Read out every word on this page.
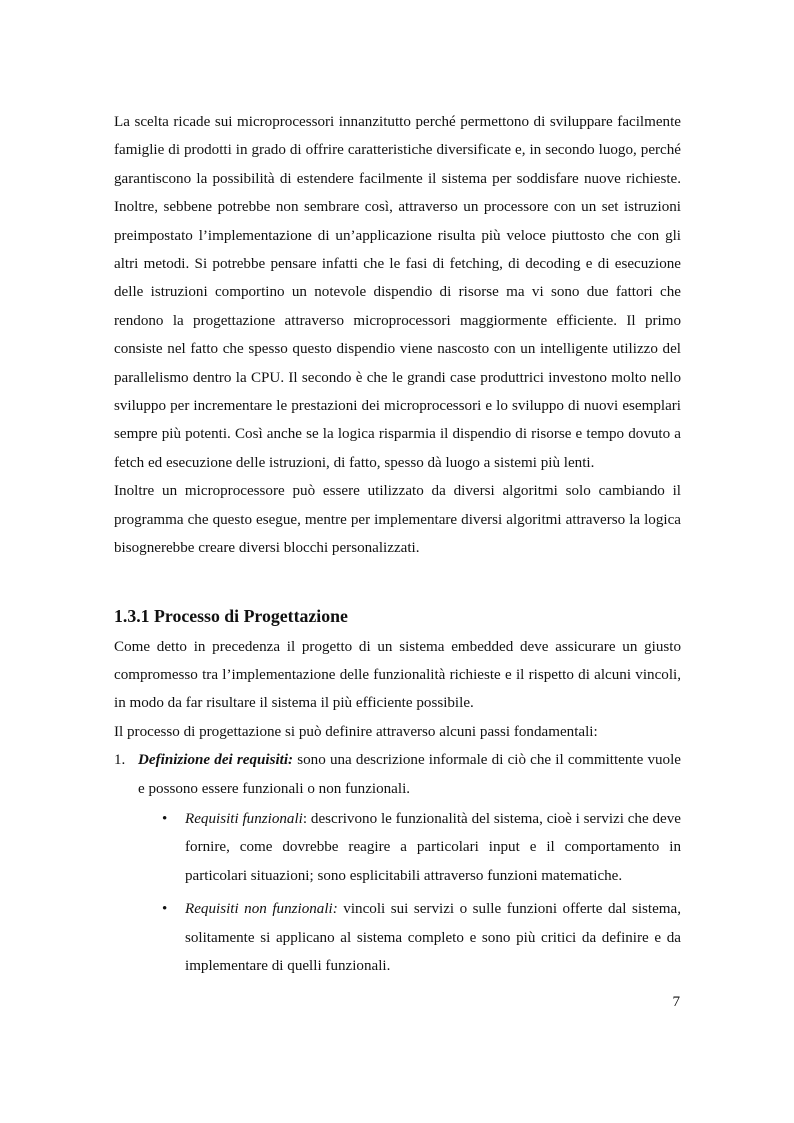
La scelta ricade sui microprocessori innanzitutto perché permettono di sviluppare facilmente famiglie di prodotti in grado di offrire caratteristiche diversificate e, in secondo luogo, perché garantiscono la possibilità di estendere facilmente il sistema per soddisfare nuove richieste. Inoltre, sebbene potrebbe non sembrare così, attraverso un processore con un set istruzioni preimpostato l’implementazione di un’applicazione risulta più veloce piuttosto che con gli altri metodi. Si potrebbe pensare infatti che le fasi di fetching, di decoding e di esecuzione delle istruzioni comportino un notevole dispendio di risorse ma vi sono due fattori che rendono la progettazione attraverso microprocessori maggiormente efficiente. Il primo consiste nel fatto che spesso questo dispendio viene nascosto con un intelligente utilizzo del parallelismo dentro la CPU. Il secondo è che le grandi case produttrici investono molto nello sviluppo per incrementare le prestazioni dei microprocessori e lo sviluppo di nuovi esemplari sempre più potenti. Così anche se la logica risparmia il dispendio di risorse e tempo dovuto a fetch ed esecuzione delle istruzioni, di fatto, spesso dà luogo a sistemi più lenti.

Inoltre un microprocessore può essere utilizzato da diversi algoritmi solo cambiando il programma che questo esegue, mentre per implementare diversi algoritmi attraverso la logica bisognerebbe creare diversi blocchi personalizzati.

1.3.1 Processo di Progettazione

Come detto in precedenza il progetto di un sistema embedded deve assicurare un giusto compromesso tra l’implementazione delle funzionalità richieste e il rispetto di alcuni vincoli, in modo da far risultare il sistema il più efficiente possibile.

Il processo di progettazione si può definire attraverso alcuni passi fondamentali:

1. Definizione dei requisiti: sono una descrizione informale di ciò che il committente vuole e possono essere funzionali o non funzionali.
•	Requisiti funzionali: descrivono le funzionalità del sistema, cioè i servizi che deve fornire, come dovrebbe reagire a particolari input e il comportamento in particolari situazioni; sono esplicitabili attraverso funzioni matematiche.
•	Requisiti non funzionali: vincoli sui servizi o sulle funzioni offerte dal sistema, solitamente si applicano al sistema completo e sono più critici da definire e da implementare di quelli funzionali.
7
